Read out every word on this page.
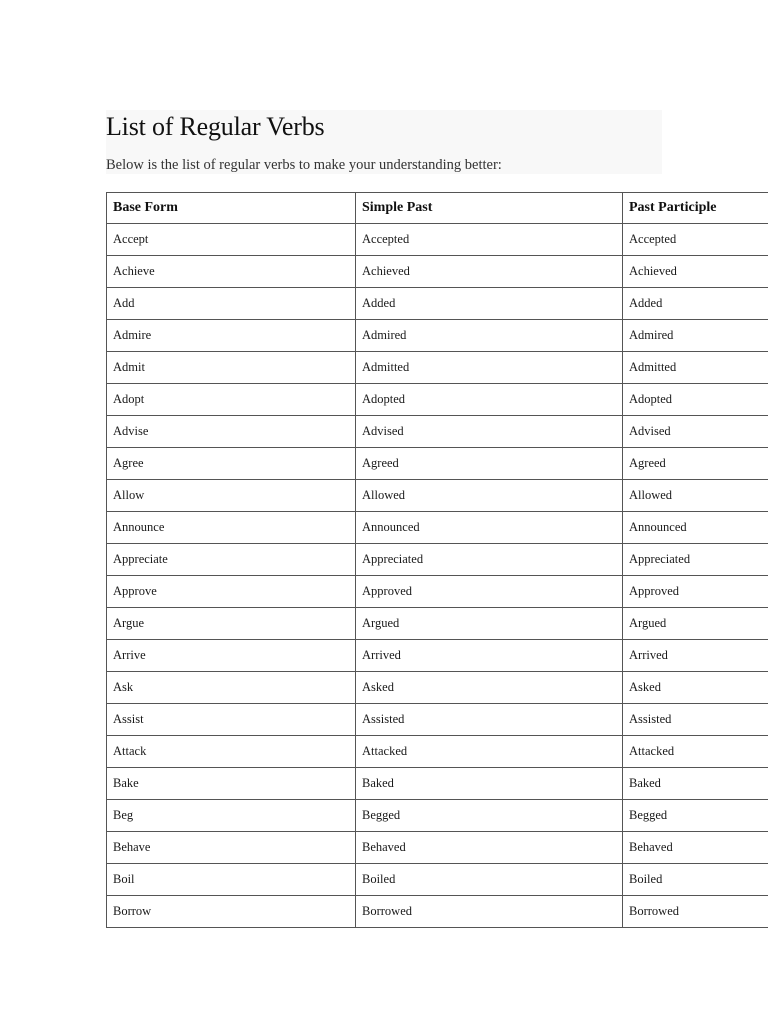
List of Regular Verbs

Below is the list of regular verbs to make your understanding better:

Base Form	Simple Past	Past Participle
Accept	Accepted	Accepted
Achieve	Achieved	Achieved
Add	Added	Added
Admire	Admired	Admired
Admit	Admitted	Admitted
Adopt	Adopted	Adopted
Advise	Advised	Advised
Agree	Agreed	Agreed
Allow	Allowed	Allowed
Announce	Announced	Announced
Appreciate	Appreciated	Appreciated
Approve	Approved	Approved
Argue	Argued	Argued
Arrive	Arrived	Arrived
Ask	Asked	Asked
Assist	Assisted	Assisted
Attack	Attacked	Attacked
Bake	Baked	Baked
Beg	Begged	Begged
Behave	Behaved	Behaved
Boil	Boiled	Boiled
Borrow	Borrowed	Borrowed
